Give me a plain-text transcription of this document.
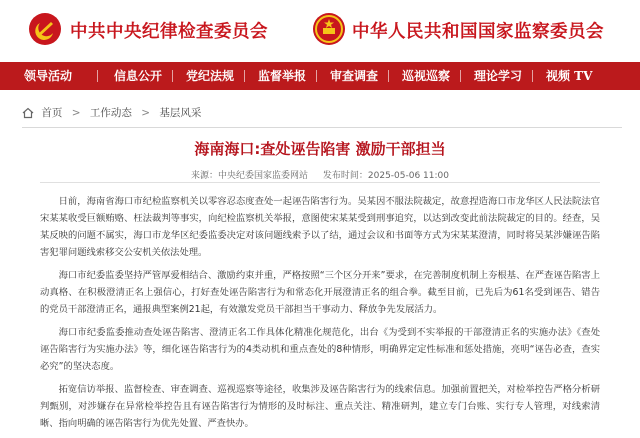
中共中央纪律检查委员会	中华人民共和国国家监察委员会
领导活动	信息公开 党纪法规 监督举报 审查调查 巡视巡察 理论学习 视频 TV
首页 > 工作动态 > 基层风采
海南海口:查处诬告陷害 激励干部担当
来源：中央纪委国家监委网站 发布时间：2025-05-06 11:00

日前，海南省海口市纪检监察机关以零容忍态度查处一起诬告陷害行为。吴某因不服法院裁定，故意捏造海口市龙华区人民法院法官宋某某收受巨额贿赂、枉法裁判等事实，向纪检监察机关举报，意图使宋某某受到刑事追究，以达到改变此前法院裁定的目的。经查，吴某反映的问题不属实，海口市龙华区纪委监委决定对该问题线索予以了结，通过会议和书面等方式为宋某某澄清，同时将吴某涉嫌诬告陷害犯罪问题线索移交公安机关依法处理。

海口市纪委监委坚持严管厚爱相结合、激励约束并重，严格按照“三个区分开来”要求，在完善制度机制上夯根基、在严查诬告陷害上动真格、在积极澄清正名上强信心，打好查处诬告陷害行为和常态化开展澄清正名的组合拳。截至目前，已先后为61名受到诬告、错告的党员干部澄清正名，通报典型案例21起，有效激发党员干部担当干事动力、释放争先发展活力。

海口市纪委监委推动查处诬告陷害、澄清正名工作具体化精准化规范化，出台《为受到不实举报的干部澄清正名的实施办法》《查处诬告陷害行为实施办法》等，细化诬告陷害行为的4类动机和重点查处的8种情形，明确界定定性标准和惩处措施，亮明“诬告必查，查实必究”的坚决态度。

拓宽信访举报、监督检查、审查调查、巡视巡察等途径，收集涉及诬告陷害行为的线索信息。加强前置把关，对检举控告严格分析研判甄别，对涉嫌存在异常检举控告且有诬告陷害行为情形的及时标注、重点关注、精准研判，建立专门台账、实行专人管理，对线索清晰、指向明确的诬告陷害行为优先处置、严查快办。
